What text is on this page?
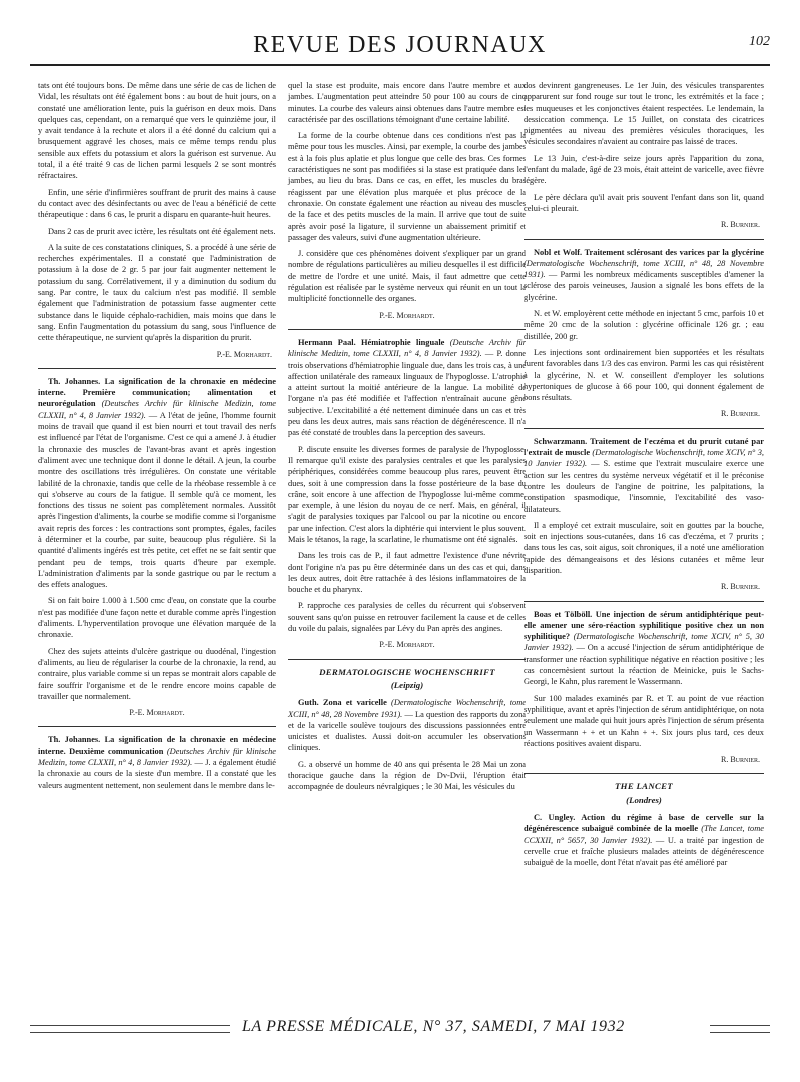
REVUE DES JOURNAUX	102

tats ont été toujours bons. De même dans une série de cas de lichen de Vidal, les résultats ont été également bons : au bout de huit jours, on a constaté une amélioration lente, puis la guérison en deux mois. Dans quelques cas, cependant, on a remarqué que vers le quinzième jour, il y avait tendance à la rechute et alors il a été donné du calcium qui a brusquement aggravé les choses, mais ce même temps rendu plus sensible aux effets du potassium et alors la guérison est survenue. Au total, il a été traité 9 cas de lichen parmi lesquels 2 se sont montrés réfractaires.

Enfin, une série d'infirmières souffrant de prurit des mains à cause du contact avec des désinfectants ou avec de l'eau a bénéficié de cette thérapeutique : dans 6 cas, le prurit a disparu en quarante-huit heures.

Dans 2 cas de prurit avec ictère, les résultats ont été également nets.

A la suite de ces constatations cliniques, S. a procédé à une série de recherches expérimentales. Il a constaté que l'administration de potassium à la dose de 2 gr. 5 par jour fait augmenter nettement le potassium du sang. Corrélativement, il y a diminution du sodium du sang. Par contre, le taux du calcium n'est pas modifié. Il semble également que l'administration de potassium fasse augmenter cette substance dans le liquide céphalo-rachidien, mais moins que dans le sang. Enfin l'augmentation du potassium du sang, sous l'influence de cette thérapeutique, ne survient qu'après la disparition du prurit.

P.-E. Morhardt.

Th. Johannes. La signification de la chronaxie en médecine interne. Première communication; alimentation et neurorégulation (Deutsches Archiv für klinische Medizin, tome CLXXII, n° 4, 8 Janvier 1932). — A l'état de jeûne, l'homme fournit moins de travail que quand il est bien nourri et tout travail des nerfs est influencé par l'état de l'organisme. C'est ce qui a amené J. à étudier la chronaxie des muscles de l'avant-bras avant et après ingestion d'aliment avec une technique dont il donne le détail. A jeun, la courbe montre des oscillations très irrégulières. On constate une véritable labilité de la chronaxie, tandis que celle de la rhéobase ressemble à ce qui s'observe au cours de la fatigue. Il semble qu'à ce moment, les fonctions des tissus ne soient pas complètement normales. Aussitôt après l'ingestion d'aliments, la courbe se modifie comme si l'organisme avait repris des forces : les contractions sont promptes, égales, faciles à déterminer et la courbe, par suite, beaucoup plus régulière. Si la quantité d'aliments ingérés est très petite, cet effet ne se fait sentir que pendant peu de temps, trois quarts d'heure par exemple. L'administration d'aliments par la sonde gastrique ou par le rectum a des effets analogues.

Si on fait boire 1.000 à 1.500 cmc d'eau, on constate que la courbe n'est pas modifiée d'une façon nette et durable comme après l'ingestion d'aliments. L'hyperventilation provoque une élévation marquée de la chronaxie.

Chez des sujets atteints d'ulcère gastrique ou duodénal, l'ingestion d'aliments, au lieu de régulariser la courbe de la chronaxie, la rend, au contraire, plus variable comme si un repas se montrait alors capable de faire souffrir l'organisme et de le rendre encore moins capable de travailler que normalement.

P.-E. Morhardt.

Th. Johannes. La signification de la chronaxie en médecine interne. Deuxième communication (Deutsches Archiv für klinische Medizin, tome CLXXII, n° 4, 8 Janvier 1932). — J. a également étudié la chronaxie au cours de la sieste d'un membre. Il a constaté que les valeurs augmentent nettement, non seulement dans le membre dans le-

quel la stase est produite, mais encore dans l'autre membre et aux jambes. L'augmentation peut atteindre 50 pour 100 au cours de cinq minutes. La courbe des valeurs ainsi obtenues dans l'autre membre est caractérisée par des oscillations témoignant d'une certaine labilité.

La forme de la courbe obtenue dans ces conditions n'est pas la même pour tous les muscles. Ainsi, par exemple, la courbe des jambes est à la fois plus aplatie et plus longue que celle des bras. Ces formes caractéristiques ne sont pas modifiées si la stase est pratiquée dans les jambes, au lieu du bras. Dans ce cas, en effet, les muscles du bras réagissent par une élévation plus marquée et plus précoce de la chronaxie. On constate également une réaction au niveau des muscles de la face et des petits muscles de la main. Il arrive que tout de suite après avoir posé la ligature, il survienne un abaissement primitif et passager des valeurs, suivi d'une augmentation ultérieure.

J. considère que ces phénomènes doivent s'expliquer par un grand nombre de régulations particulières au milieu desquelles il est difficile de mettre de l'ordre et une unité. Mais, il faut admettre que cette régulation est réalisée par le système nerveux qui réunit en un tout la multiplicité fonctionnelle des organes.

P.-E. Morhardt.

Hermann Paal. Hémiatrophie linguale (Deutsche Archiv für klinische Medizin, tome CLXXII, n° 4, 8 Janvier 1932). — P. donne trois observations d'hémiatrophie linguale due, dans les trois cas, à une affection unilatérale des rameaux linguaux de l'hypoglosse. L'atrophie a atteint surtout la moitié antérieure de la langue. La mobilité de l'organe n'a pas été modifiée et l'affection n'entraînait aucune gêne subjective. L'excitabilité a été nettement diminuée dans un cas et très peu dans les deux autres, mais sans réaction de dégénérescence. Il n'a pas été constaté de troubles dans la perception des saveurs.

P. discute ensuite les diverses formes de paralysie de l'hypoglosse. Il remarque qu'il existe des paralysies centrales et que les paralysies périphériques, considérées comme beaucoup plus rares, peuvent être dues, soit à une compression dans la fosse postérieure de la base du crâne, soit encore à une affection de l'hypoglosse lui-même comme, par exemple, à une lésion du noyau de ce nerf. Mais, en général, il s'agit de paralysies toxiques par l'alcool ou par la nicotine ou encore par une infection. C'est alors la diphtérie qui intervient le plus souvent. Mais le tétanos, la rage, la scarlatine, le rhumatisme ont été signalés.

Dans les trois cas de P., il faut admettre l'existence d'une névrite dont l'origine n'a pas pu être déterminée dans un des cas et qui, dans les deux autres, doit être rattachée à des lésions inflammatoires de la bouche et du pharynx.

P. rapproche ces paralysies de celles du récurrent qui s'observent souvent sans qu'on puisse en retrouver facilement la cause et de celles du voile du palais, signalées par Lévy du Pan après des angines.

P.-E. Morhardt.
DERMATOLOGISCHE WOCHENSCHRIFT
(Leipzig)

Guth. Zona et varicelle (Dermatologische Wochenschrift, tome XCIII, n° 48, 28 Novembre 1931). — La question des rapports du zona et de la varicelle soulève toujours des discussions passionnées entre unicistes et dualistes. Aussi doit-on accumuler les observations cliniques.

G. a observé un homme de 40 ans qui présenta le 28 Mai un zona thoracique gauche dans la région de Dv-Dvii, l'éruption était accompagnée de douleurs névralgiques ; le 30 Mai, les vésicules du

dos devinrent gangreneuses. Le 1er Juin, des vésicules transparentes apparurent sur fond rouge sur tout le tronc, les extrémités et la face ; les muqueuses et les conjonctives étaient respectées. Le lendemain, la dessiccation commença. Le 15 Juillet, on constata des cicatrices pigmentées au niveau des premières vésicules thoraciques, les vésicules secondaires n'avaient au contraire pas laissé de traces.

Le 13 Juin, c'est-à-dire seize jours après l'apparition du zona, l'enfant du malade, âgé de 23 mois, était atteint de varicelle, avec fièvre légère.

Le père déclara qu'il avait pris souvent l'enfant dans son lit, quand celui-ci pleurait.

R. Burnier.

Nobl et Wolf. Traitement sclérosant des varices par la glycérine (Dermatologische Wochenschrift, tome XCIII, n° 48, 28 Novembre 1931). — Parmi les nombreux médicaments susceptibles d'amener la sclérose des parois veineuses, Jausion a signalé les bons effets de la glycérine.

N. et W. employèrent cette méthode en injectant 5 cmc, parfois 10 et même 20 cmc de la solution : glycérine officinale 126 gr. ; eau distillée, 200 gr.

Les injections sont ordinairement bien supportées et les résultats furent favorables dans 1/3 des cas environ. Parmi les cas qui résistèrent à la glycérine, N. et W. conseillent d'employer les solutions hypertoniques de glucose à 66 pour 100, qui donnent également de bons résultats.

R. Burnier.

Schwarzmann. Traitement de l'eczéma et du prurit cutané par l'extrait de muscle (Dermatologische Wochenschrift, tome XCIV, n° 3, 10 Janvier 1932). — S. estime que l'extrait musculaire exerce une action sur les centres du système nerveux végétatif et il le préconise contre les douleurs de l'angine de poitrine, les palpitations, la constipation spasmodique, l'insomnie, l'excitabilité des vaso-dilatateurs.

Il a employé cet extrait musculaire, soit en gouttes par la bouche, soit en injections sous-cutanées, dans 16 cas d'eczéma, et 7 prurits ; dans tous les cas, soit aigus, soit chroniques, il a noté une amélioration rapide des démangeaisons et des lésions cutanées et même leur disparition.

R. Burnier.

Boas et Tölböll. Une injection de sérum antidiphtérique peut-elle amener une séro-réaction syphilitique positive chez un non syphilitique? (Dermatologische Wochenschrift, tome XCIV, n° 5, 30 Janvier 1932). — On a accusé l'injection de sérum antidiphtérique de transformer une réaction syphilitique négative en réaction positive ; les cas concernèsient surtout la réaction de Meinicke, puis le Sachs-Georgi, le Kahn, plus rarement le Wassermann.

Sur 100 malades examinés par R. et T. au point de vue réaction syphilitique, avant et après l'injection de sérum antidiphtérique, on nota seulement une malade qui huit jours après l'injection de sérum présenta un Wassermann + + et un Kahn + +. Six jours plus tard, ces deux réactions positives avaient disparu.

R. Burnier.
THE LANCET
(Londres)

C. Ungley. Action du régime à base de cervelle sur la dégénérescence subaiguë combinée de la moelle (The Lancet, tome CCXXII, n° 5657, 30 Janvier 1932). — U. a traité par ingestion de cervelle crue et fraîche plusieurs malades atteints de dégénérescence subaiguë de la moelle, dont l'état n'avait pas été amélioré par

LA PRESSE MÉDICALE, N° 37, SAMEDI, 7 MAI 1932
